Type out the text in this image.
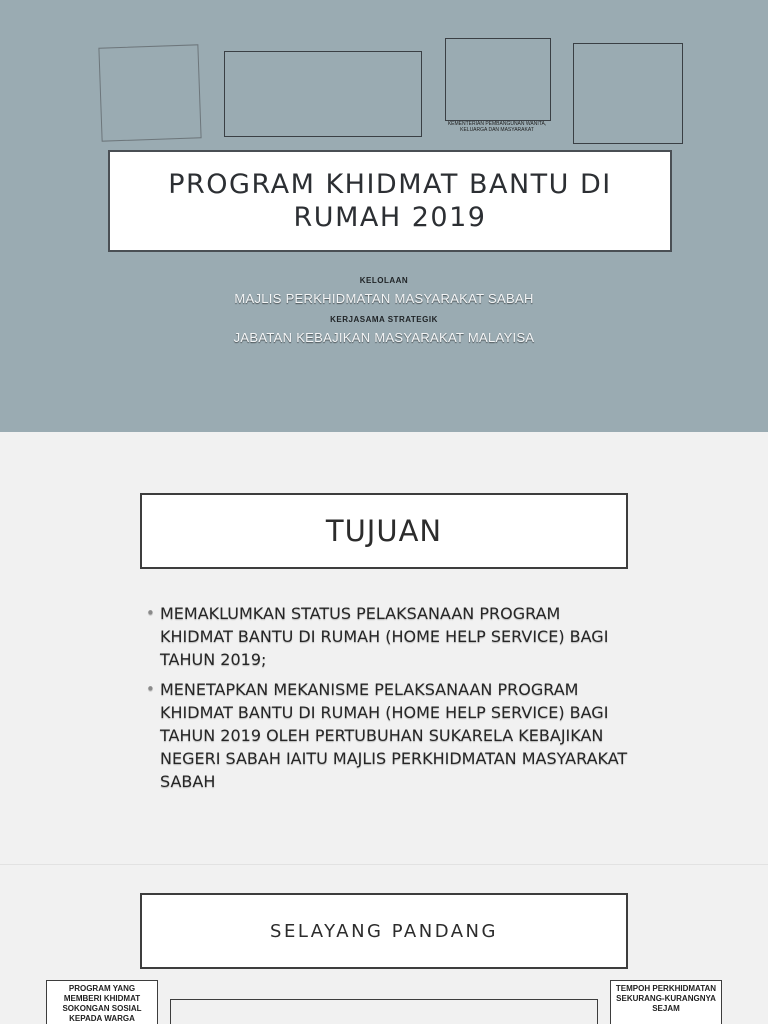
KEMENTERIAN PEMBANGUNAN WANITA, KELUARGA DAN MASYARAKAT
PROGRAM KHIDMAT BANTU DI RUMAH 2019
KELOLAAN
MAJLIS PERKHIDMATAN MASYARAKAT SABAH
KERJASAMA STRATEGIK
JABATAN KEBAJIKAN MASYARAKAT MALAYISA
TUJUAN
• MEMAKLUMKAN STATUS PELAKSANAAN PROGRAM KHIDMAT BANTU DI RUMAH (HOME HELP SERVICE) BAGI TAHUN 2019;
• MENETAPKAN MEKANISME PELAKSANAAN PROGRAM KHIDMAT BANTU DI RUMAH (HOME HELP SERVICE) BAGI TAHUN 2019 OLEH PERTUBUHAN SUKARELA KEBAJIKAN NEGERI SABAH IAITU MAJLIS PERKHIDMATAN MASYARAKAT SABAH
SELAYANG PANDANG
PROGRAM YANG MEMBERI KHIDMAT SOKONGAN SOSIAL KEPADA WARGA
TEMPOH PERKHIDMATAN SEKURANG-KURANGNYA SEJAM
